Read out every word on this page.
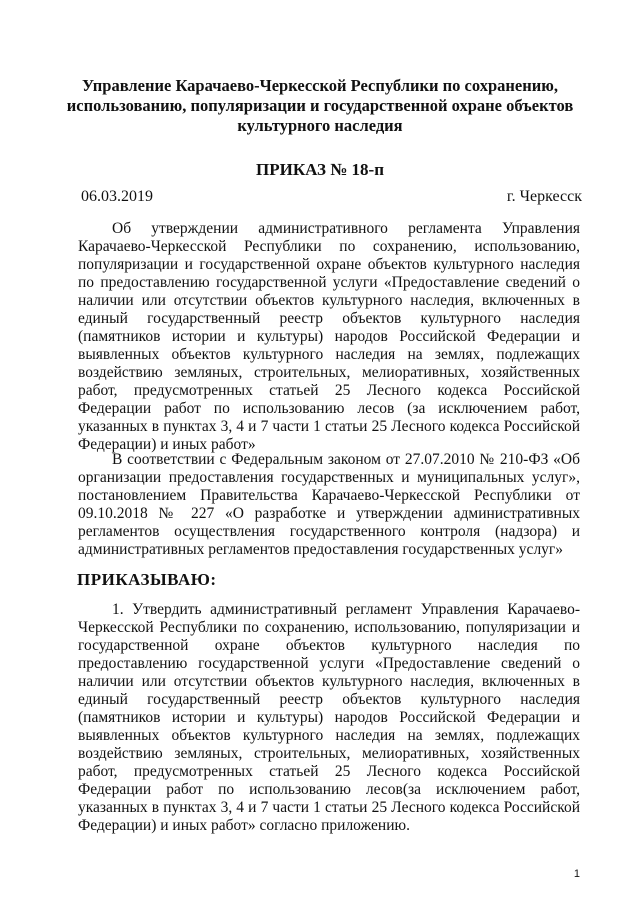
Управление Карачаево-Черкесской Республики по сохранению, использованию, популяризации и государственной охране объектов культурного наследия
ПРИКАЗ № 18-п
06.03.2019	г. Черкесск

Об утверждении административного регламента Управления Карачаево-Черкесской Республики по сохранению, использованию, популяризации и государственной охране объектов культурного наследия по предоставлению государственной услуги «Предоставление сведений о наличии или отсутствии объектов культурного наследия, включенных в единый государственный реестр объектов культурного наследия (памятников истории и культуры) народов Российской Федерации и выявленных объектов культурного наследия на землях, подлежащих воздействию земляных, строительных, мелиоративных, хозяйственных работ, предусмотренных статьей 25 Лесного кодекса Российской Федерации работ по использованию лесов (за исключением работ, указанных в пунктах 3, 4 и 7 части 1 статьи 25 Лесного кодекса Российской Федерации) и иных работ»

В соответствии с Федеральным законом от 27.07.2010 № 210-ФЗ «Об организации предоставления государственных и муниципальных услуг», постановлением Правительства Карачаево-Черкесской Республики от 09.10.2018 № 227 «О разработке и утверждении административных регламентов осуществления государственного контроля (надзора) и административных регламентов предоставления государственных услуг»

ПРИКАЗЫВАЮ:

1. Утвердить административный регламент Управления Карачаево-Черкесской Республики по сохранению, использованию, популяризации и государственной охране объектов культурного наследия по предоставлению государственной услуги «Предоставление сведений о наличии или отсутствии объектов культурного наследия, включенных в единый государственный реестр объектов культурного наследия (памятников истории и культуры) народов Российской Федерации и выявленных объектов культурного наследия на землях, подлежащих воздействию земляных, строительных, мелиоративных, хозяйственных работ, предусмотренных статьей 25 Лесного кодекса Российской Федерации работ по использованию лесов(за исключением работ, указанных в пунктах 3, 4 и 7 части 1 статьи 25 Лесного кодекса Российской Федерации) и иных работ» согласно приложению.

1
